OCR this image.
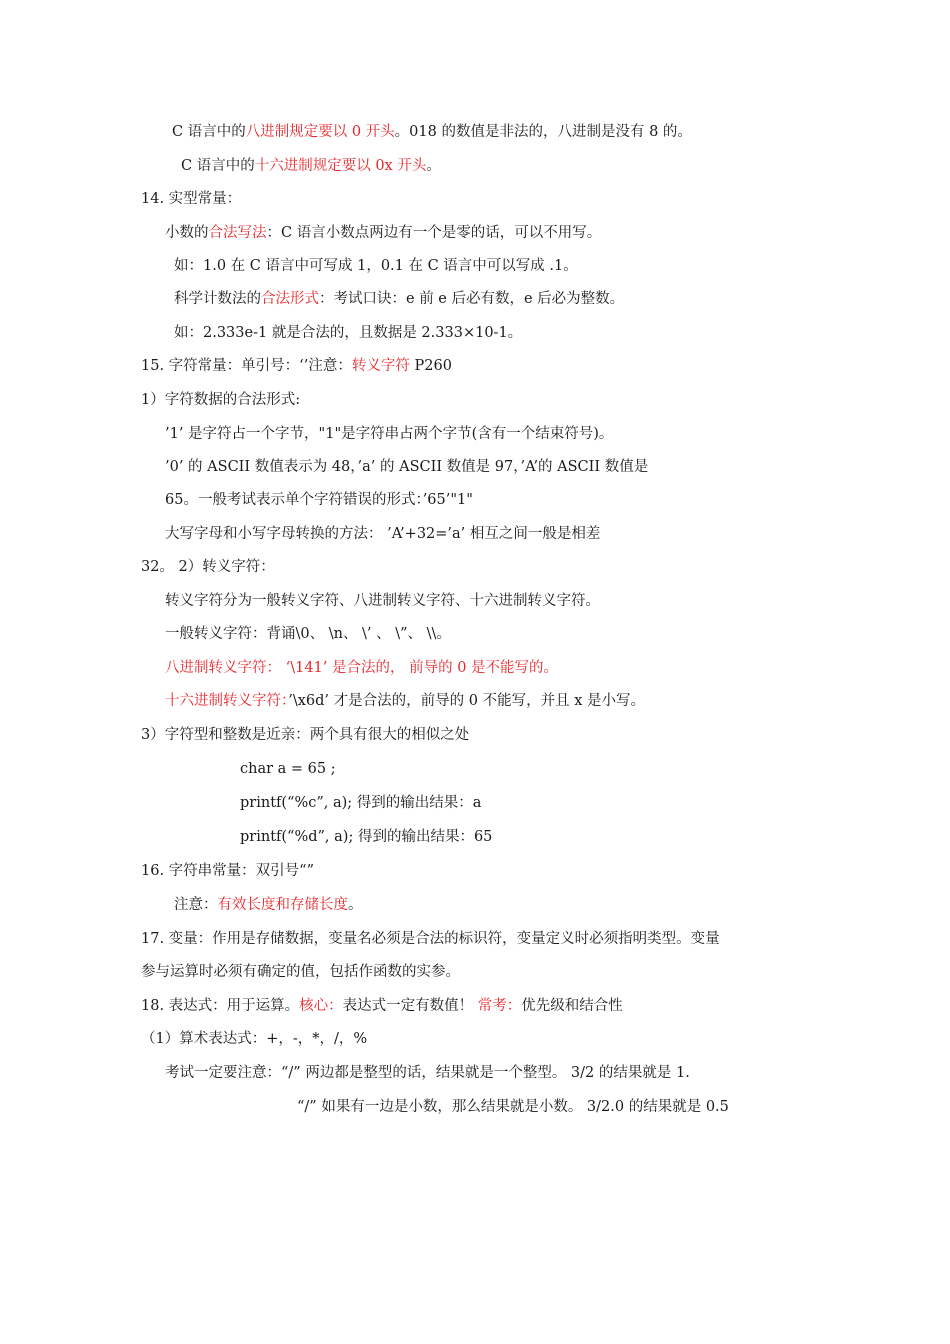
C 语言中的八进制规定要以 0 开头。018 的数值是非法的，八进制是没有 8 的。
C 语言中的十六进制规定要以 0x 开头。
14. 实型常量：
小数的合法写法：C 语言小数点两边有一个是零的话，可以不用写。
如：1.0 在 C 语言中可写成 1，0.1 在 C 语言中可以写成 .1。
科学计数法的合法形式：考试口诀：e 前 e 后必有数，e 后必为整数。
如：2.333e-1 就是合法的，且数据是 2.333×10-1。
15. 字符常量：单引号：‘’注意：转义字符 P260
1）字符数据的合法形式:
’1’ 是字符占一个字节，"1"是字符串占两个字节(含有一个结束符号)。
’0’ 的 ASCII 数值表示为 48，’a’ 的 ASCII 数值是 97，’A’的 ASCII 数值是
65。一般考试表示单个字符错误的形式：’65’"1"
大写字母和小写字母转换的方法： ’A’+32=’a’ 相互之间一般是相差
32。 2）转义字符：
转义字符分为一般转义字符、八进制转义字符、十六进制转义字符。
一般转义字符：背诵\0、 \n、 \’ 、 \”、 \\。
八进制转义字符： ‘\141’ 是合法的， 前导的 0 是不能写的。
十六进制转义字符：’\x6d’ 才是合法的，前导的 0 不能写，并且 x 是小写。
3）字符型和整数是近亲：两个具有很大的相似之处
char a = 65 ;
printf(“%c”, a); 得到的输出结果：a
printf(“%d”, a); 得到的输出结果：65
16. 字符串常量：双引号“”
注意：有效长度和存储长度。
17. 变量：作用是存储数据，变量名必须是合法的标识符，变量定义时必须指明类型。变量
参与运算时必须有确定的值，包括作函数的实参。
18. 表达式：用于运算。核心：表达式一定有数值！ 常考：优先级和结合性
（1）算术表达式：+，-，*，/，%
考试一定要注意：“/” 两边都是整型的话，结果就是一个整型。 3/2 的结果就是 1.
“/” 如果有一边是小数，那么结果就是小数。 3/2.0 的结果就是 0.5
